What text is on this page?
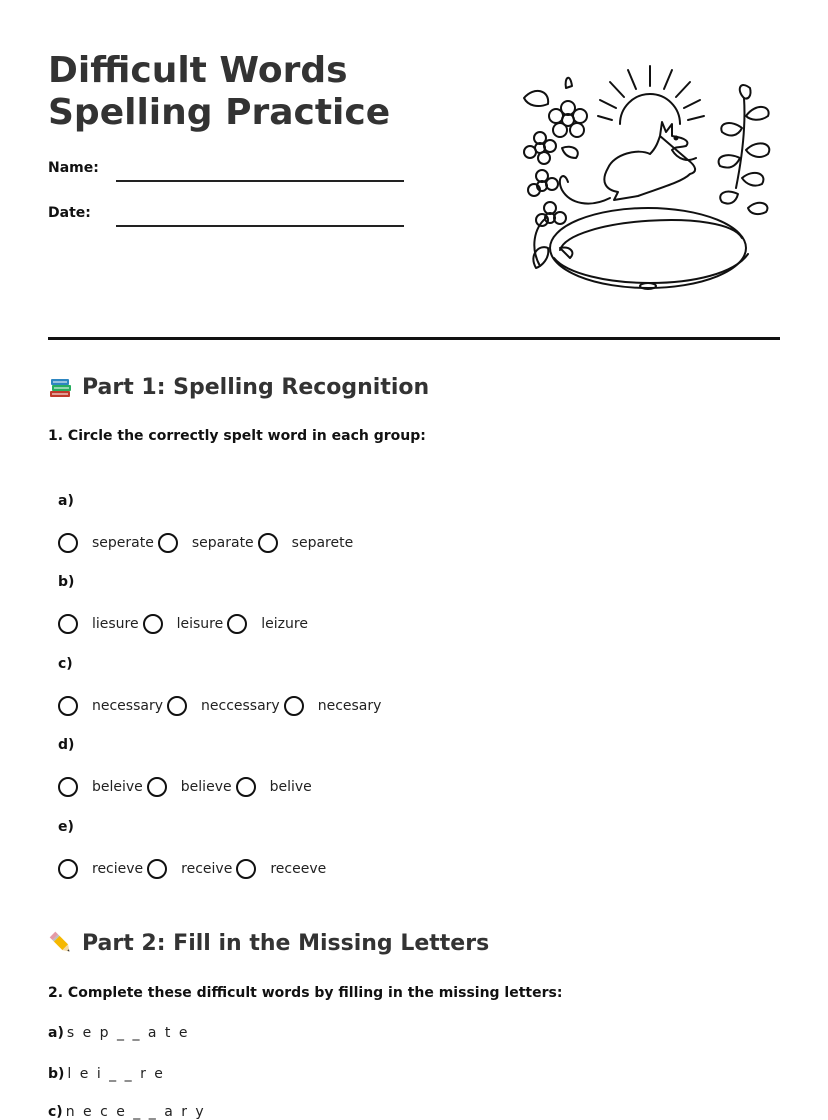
Difficult Words Spelling Practice
Name:
Date:
Part 1: Spelling Recognition
1. Circle the correctly spelt word in each group:
a)
seperate	separate	separete
b)
liesure	leisure	leizure
c)
necessary	neccessary	necesary
d)
beleive	believe	belive
e)
recieve	receive	receeve
Part 2: Fill in the Missing Letters
2. Complete these difficult words by filling in the missing letters:
a) s e p _ _ a t e
b) l e i _ _ r e
c) n e c e _ _ a r y
